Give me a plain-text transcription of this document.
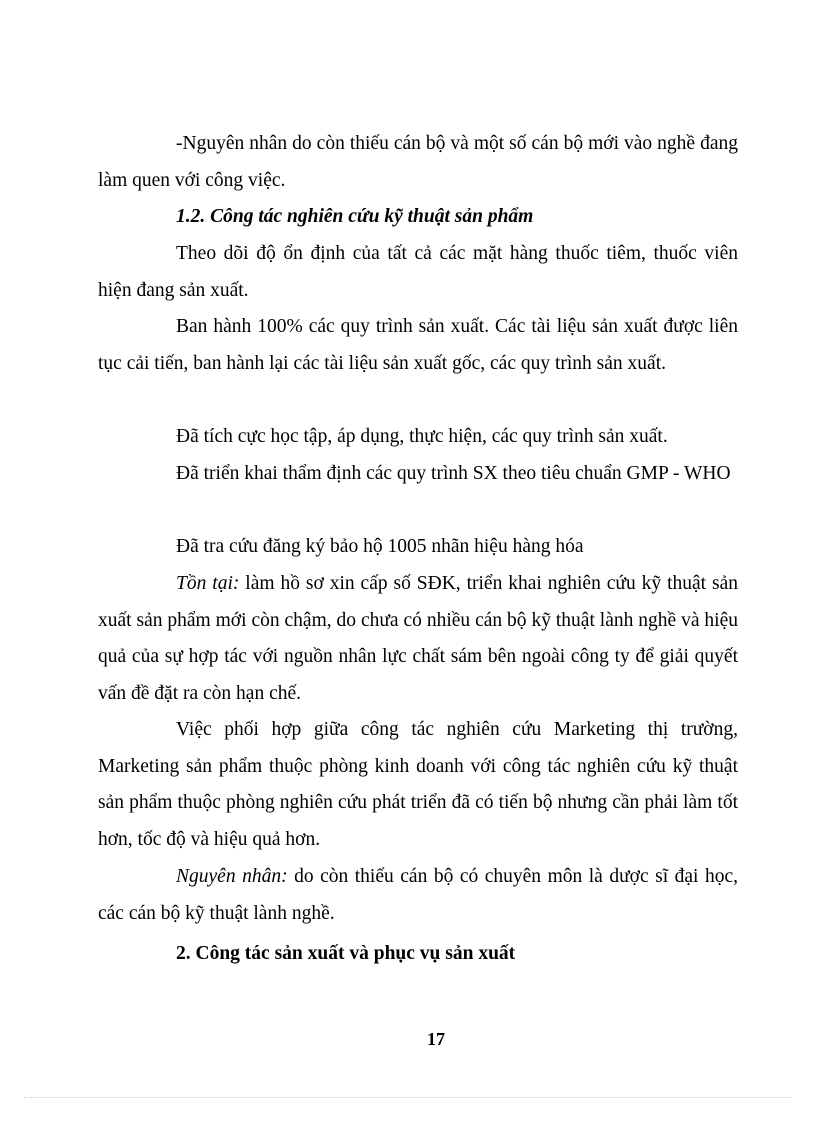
-Nguyên nhân do còn thiếu cán bộ và một số cán bộ mới vào nghề đang làm quen với công việc.

1.2. Công tác nghiên cứu kỹ thuật sản phẩm

Theo dõi độ ổn định của tất cả các mặt hàng thuốc tiêm, thuốc viên hiện đang sản xuất.

Ban hành 100% các quy trình sản xuất. Các tài liệu sản xuất được liên tục cải tiến, ban hành lại các tài liệu sản xuất gốc, các quy trình sản xuất.

Đã tích cực học tập, áp dụng, thực hiện, các quy trình sản xuất.

Đã triển khai thẩm định các quy trình SX theo tiêu chuẩn GMP - WHO

Đã tra cứu đăng ký bảo hộ 1005 nhãn hiệu hàng hóa

Tồn tại: làm hồ sơ xin cấp số SĐK, triển khai nghiên cứu kỹ thuật sản xuất sản phẩm mới còn chậm, do chưa có nhiều cán bộ kỹ thuật lành nghề và hiệu quả của sự hợp tác với nguồn nhân lực chất sám bên ngoài công ty để giải quyết vấn đề đặt ra còn hạn chế.

Việc phối hợp giữa công tác nghiên cứu Marketing thị trường, Marketing sản phẩm thuộc phòng kinh doanh với công tác nghiên cứu kỹ thuật sản phẩm thuộc phòng nghiên cứu phát triển đã có tiến bộ nhưng cần phải làm tốt hơn, tốc độ và hiệu quả hơn.

Nguyên nhân: do còn thiếu cán bộ có chuyên môn là dược sĩ đại học, các cán bộ kỹ thuật lành nghề.

2. Công tác sản xuất và phục vụ sản xuất

17
